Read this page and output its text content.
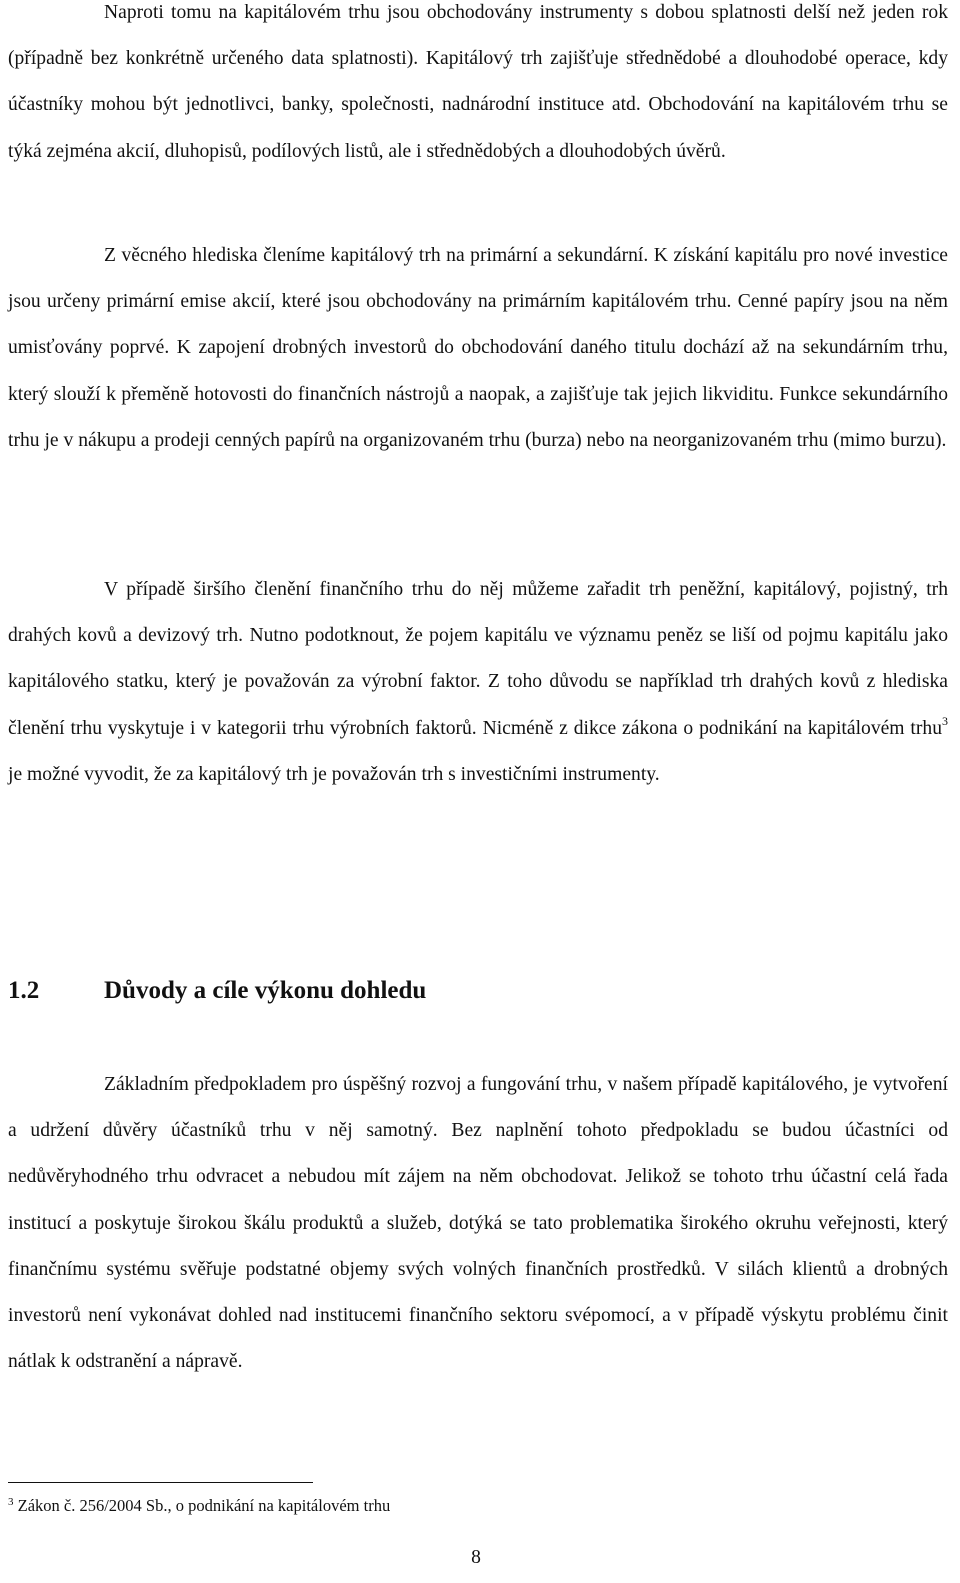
Naproti tomu na kapitálovém trhu jsou obchodovány instrumenty s dobou splatnosti delší než jeden rok (případně bez konkrétně určeného data splatnosti). Kapitálový trh zajišťuje střednědobé a dlouhodobé operace, kdy účastníky mohou být jednotlivci, banky, společnosti, nadnárodní instituce atd. Obchodování na kapitálovém trhu se týká zejména akcií, dluhopisů, podílových listů, ale i střednědobých a dlouhodobých úvěrů.

Z věcného hlediska členíme kapitálový trh na primární a sekundární. K získání kapitálu pro nové investice jsou určeny primární emise akcií, které jsou obchodovány na primárním kapitálovém trhu. Cenné papíry jsou na něm umisťovány poprvé. K zapojení drobných investorů do obchodování daného titulu dochází až na sekundárním trhu, který slouží k přeměně hotovosti do finančních nástrojů a naopak, a zajišťuje tak jejich likviditu. Funkce sekundárního trhu je v nákupu a prodeji cenných papírů na organizovaném trhu (burza) nebo na neorganizovaném trhu (mimo burzu).

V případě širšího členění finančního trhu do něj můžeme zařadit trh peněžní, kapitálový, pojistný, trh drahých kovů a devizový trh. Nutno podotknout, že pojem kapitálu ve významu peněz se liší od pojmu kapitálu jako kapitálového statku, který je považován za výrobní faktor. Z toho důvodu se například trh drahých kovů z hlediska členění trhu vyskytuje i v kategorii trhu výrobních faktorů. Nicméně z dikce zákona o podnikání na kapitálovém trhu$^3$ je možné vyvodit, že za kapitálový trh je považován trh s investičními instrumenty.

1.2	Důvody a cíle výkonu dohledu

Základním předpokladem pro úspěšný rozvoj a fungování trhu, v našem případě kapitálového, je vytvoření a udržení důvěry účastníků trhu v něj samotný. Bez naplnění tohoto předpokladu se budou účastníci od nedůvěryhodného trhu odvracet a nebudou mít zájem na něm obchodovat. Jelikož se tohoto trhu účastní celá řada institucí a poskytuje širokou škálu produktů a služeb, dotýká se tato problematika širokého okruhu veřejnosti, který finančnímu systému svěřuje podstatné objemy svých volných finančních prostředků. V silách klientů a drobných investorů není vykonávat dohled nad institucemi finančního sektoru svépomocí, a v případě výskytu problému činit nátlak k odstranění a nápravě.

$^3$ Zákon č. 256/2004 Sb., o podnikání na kapitálovém trhu

8
